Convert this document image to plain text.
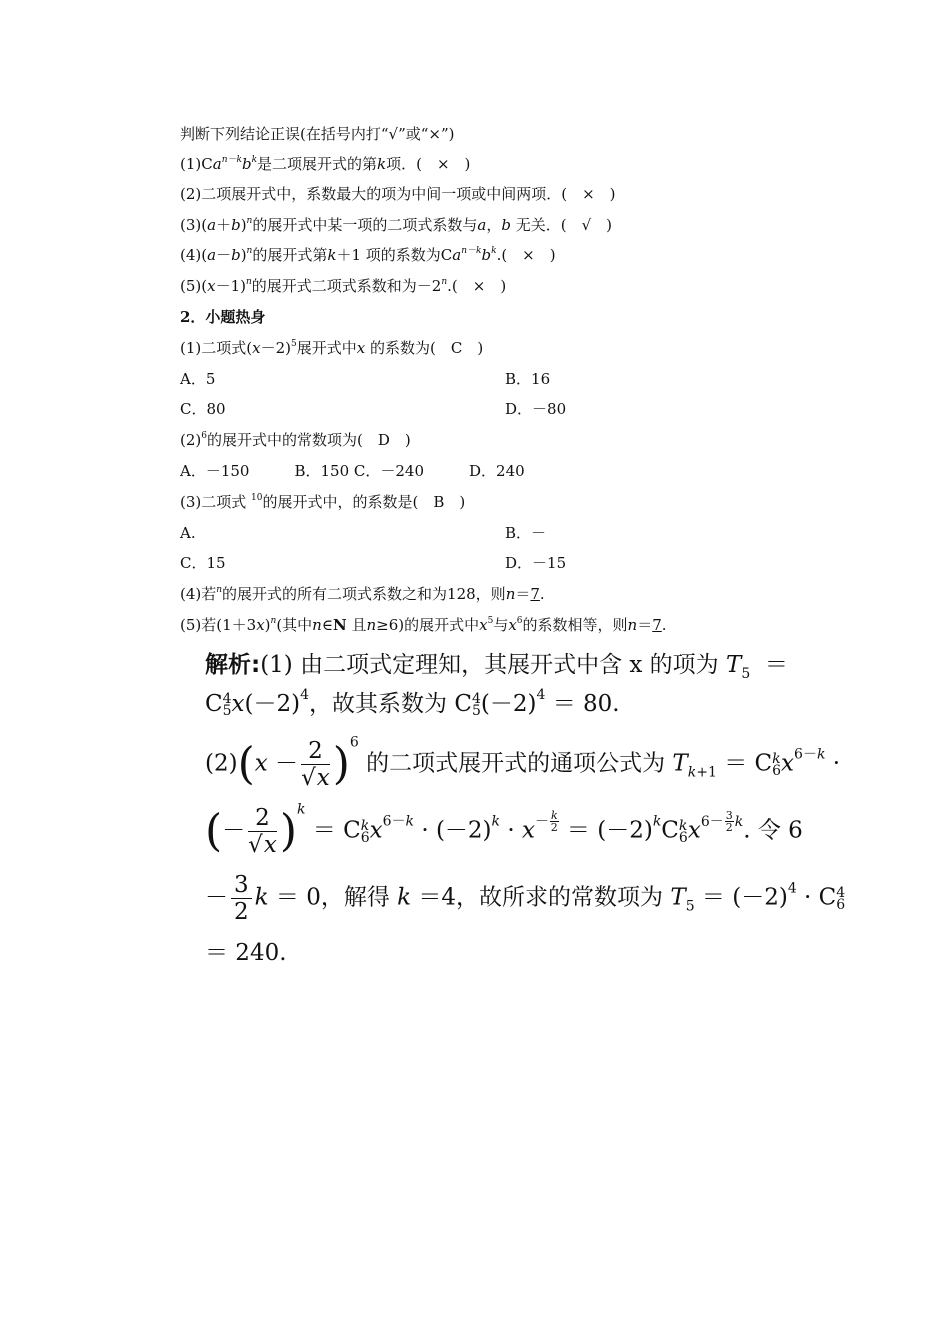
判断下列结论正误(在括号内打“√”或“×”)
$(1)Ca^{n-k}b^k$是二项展开式的第k项．(　×　)
(2)二项展开式中，系数最大的项为中间一项或中间两项．(　×　)
$(3)(a+b)^n$的展开式中某一项的二项式系数与a，b 无关．(　√　)
$(4)(a-b)^n$的展开式第k＋1 项的系数为$Ca^{n-k}b^k$.(　×　)
$(5)(x-1)^n$的展开式二项式系数和为$-2^n$.(　×　)
2．小题热身
(1)二项式$(x-2)^5$展开式中x 的系数为(　C　)
A．5	B．16
C．80	D．－80
$(2)^6$的展开式中的常数项为(　D　)
A．－150　　　B．150 C．－240　　　D．240
(3)二项式 $^{10}$的展开式中，的系数是(　B　)
A.	B．－
C．15	D．－15
(4)若$^n$的展开式的所有二项式系数之和为128，则n＝7.
(5)若$(1+3x)^n$(其中n∈N 且n≥6)的展开式中$x^5$与$x^6$的系数相等，则n＝7.
解析:(1) 由二项式定理知，其展开式中含 x 的项为 $T_5$  ＝
C 4
5 $x(-2)^4$，故其系数为 C 4
5 $(-2)^4 = 80$.
$(2)(x - \frac{2}{√x} )^6$ 的二项式展开式的通项公式为 $T_{k+1} = C$ k
6 $x^{6-k}$ ·
(－ $\frac{2}{√x} )^k = C$ k
6 $x^{6-k} \cdot (-2)^k \cdot x^{- \frac{k}{2}} = (-2)^kC$ k
6 $x^{6- \frac{3}{2} k}$. 令 6
－ $\frac{3}{2}$ k ＝ 0，解得 k ＝4，故所求的常数项为 $T_5 = (-2)^4 \cdot C$ 4
6
＝ 240.
